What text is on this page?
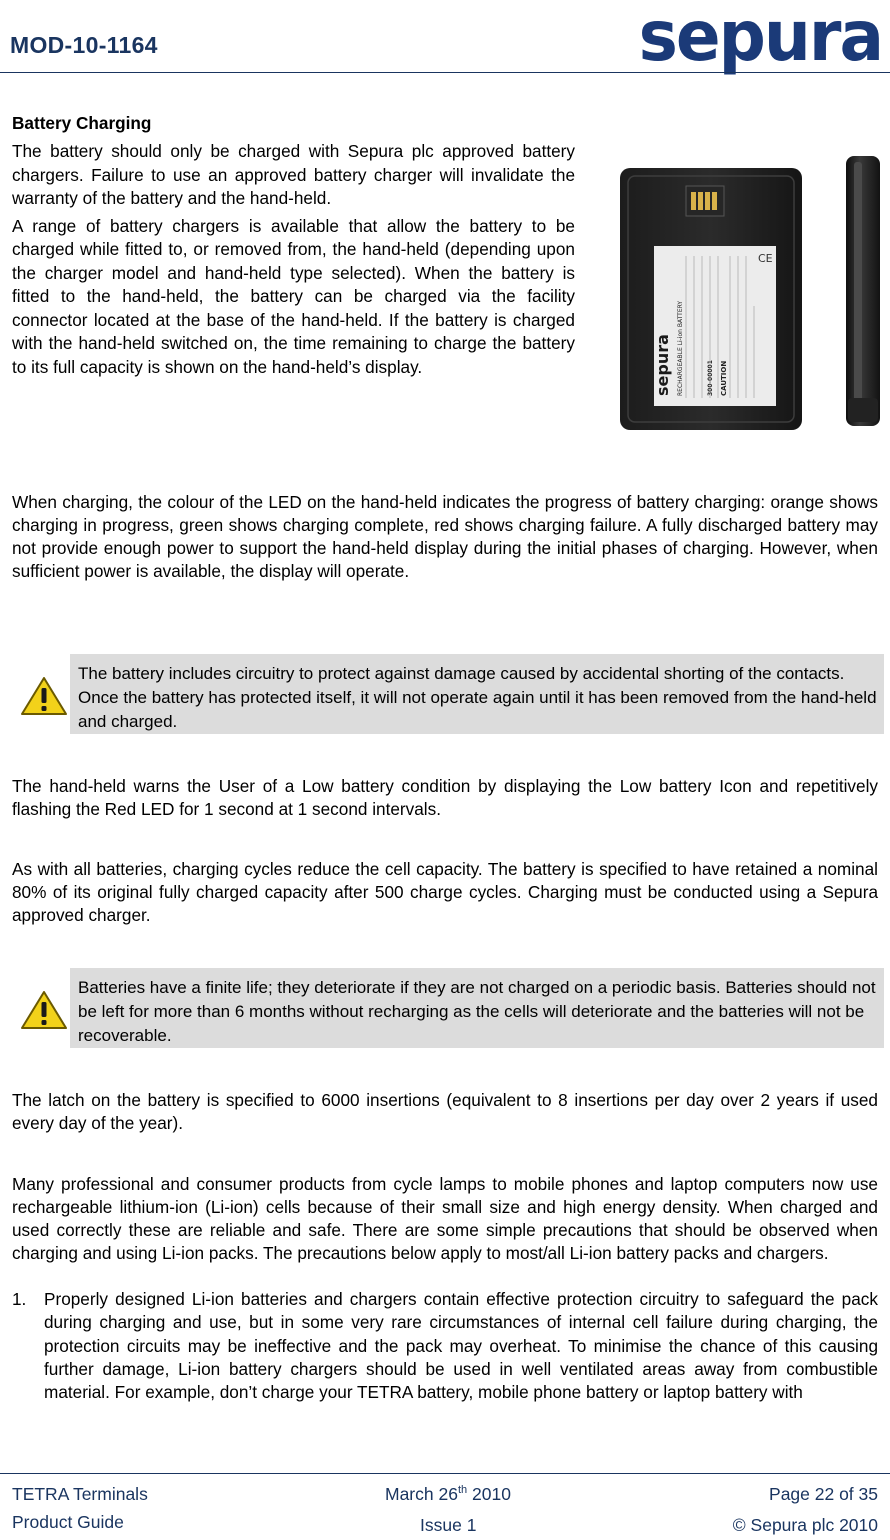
MOD-10-1164	sepura
Battery Charging

The battery should only be charged with Sepura plc approved battery chargers. Failure to use an approved battery charger will invalidate the warranty of the battery and the hand-held.

A range of battery chargers is available that allow the battery to be charged while fitted to, or removed from, the hand-held (depending upon the charger model and hand-held type selected). When the battery is fitted to the hand-held, the battery can be charged via the facility connector located at the base of the hand-held. If the battery is charged with the hand-held switched on, the time remaining to charge the battery to its full capacity is shown on the hand-held’s display.	sepura RECHARGEABLE Li-ion BATTERY	300-00001 CAUTION
CE

When charging, the colour of the LED on the hand-held indicates the progress of battery charging: orange shows charging in progress, green shows charging complete, red shows charging failure. A fully discharged battery may not provide enough power to support the hand-held display during the initial phases of charging. However, when sufficient power is available, the display will operate.

The battery includes circuitry to protect against damage caused by accidental shorting of the contacts. Once the battery has protected itself, it will not operate again until it has been removed from the hand-held and charged.

The hand-held warns the User of a Low battery condition by displaying the Low battery Icon and repetitively flashing the Red LED for 1 second at 1 second intervals.

As with all batteries, charging cycles reduce the cell capacity. The battery is specified to have retained a nominal 80% of its original fully charged capacity after 500 charge cycles. Charging must be conducted using a Sepura approved charger.

Batteries have a finite life; they deteriorate if they are not charged on a periodic basis. Batteries should not be left for more than 6 months without recharging as the cells will deteriorate and the batteries will not be recoverable.

The latch on the battery is specified to 6000 insertions (equivalent to 8 insertions per day over 2 years if used every day of the year).

Many professional and consumer products from cycle lamps to mobile phones and laptop computers now use rechargeable lithium-ion (Li-ion) cells because of their small size and high energy density. When charged and used correctly these are reliable and safe. There are some simple precautions that should be observed when charging and using Li-ion packs. The precautions below apply to most/all Li-ion battery packs and chargers.

1. Properly designed Li-ion batteries and chargers contain effective protection circuitry to safeguard the pack during charging and use, but in some very rare circumstances of internal cell failure during charging, the protection circuits may be ineffective and the pack may overheat. To minimise the chance of this causing further damage, Li-ion battery chargers should be used in well ventilated areas away from combustible material. For example, don’t charge your TETRA battery, mobile phone battery or laptop battery with

TETRA Terminals
Product Guide
March 26th 2010
Issue 1
Page 22 of 35
© Sepura plc 2010
